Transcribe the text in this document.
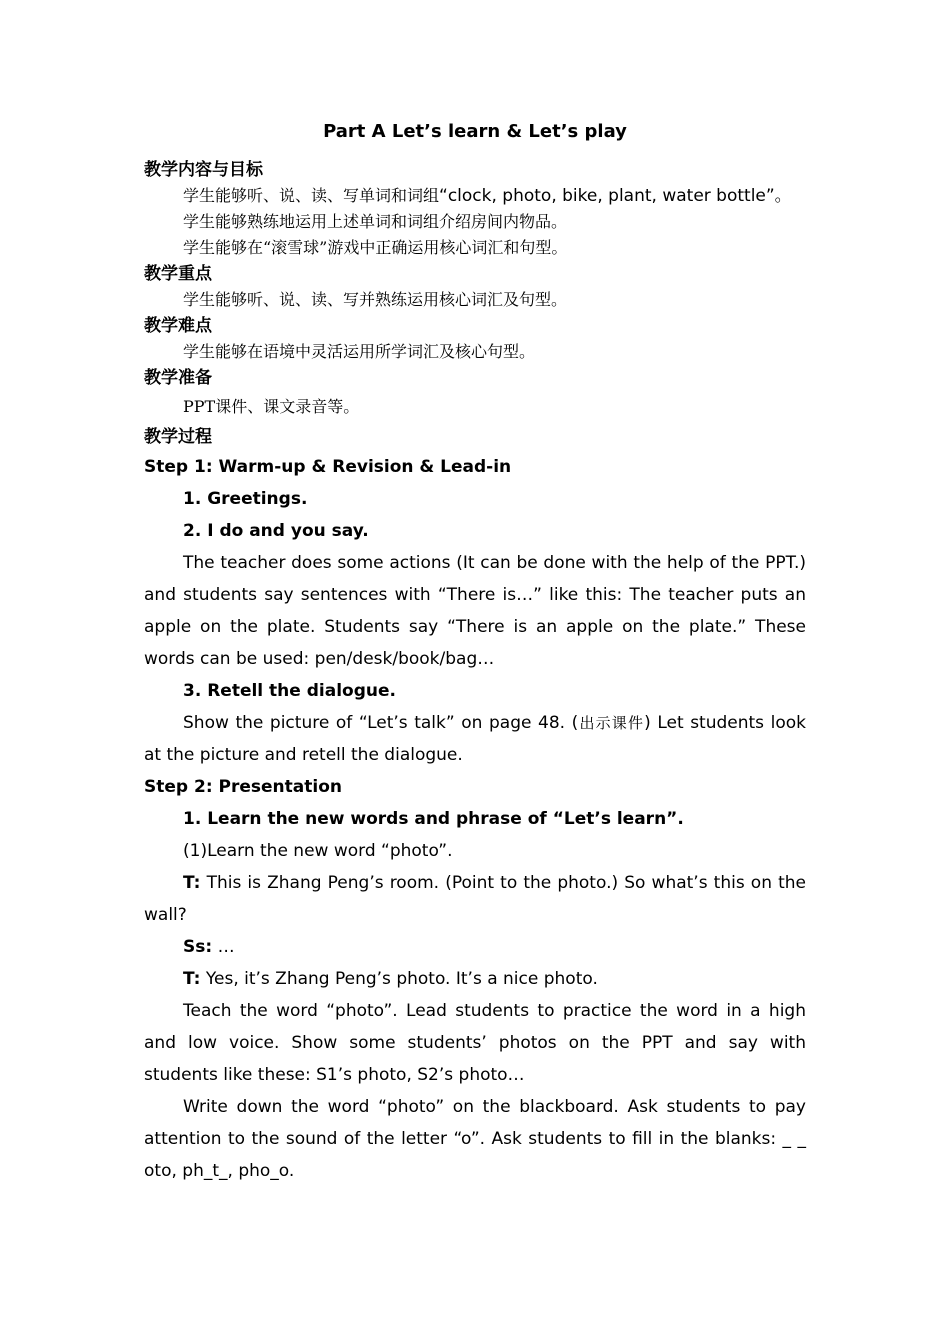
Part A Let’s learn & Let’s play
教学内容与目标
学生能够听、说、读、写单词和词组“clock, photo, bike, plant, water bottle”。
学生能够熟练地运用上述单词和词组介绍房间内物品。
学生能够在“滚雪球”游戏中正确运用核心词汇和句型。
教学重点
学生能够听、说、读、写并熟练运用核心词汇及句型。
教学难点
学生能够在语境中灵活运用所学词汇及核心句型。
教学准备
PPT课件、课文录音等。
教学过程
Step 1: Warm-up & Revision & Lead-in
1. Greetings.
2. I do and you say.
The teacher does some actions (It can be done with the help of the PPT.) and students say sentences with “There is…” like this: The teacher puts an apple on the plate. Students say “There is an apple on the plate.” These words can be used: pen/desk/book/bag…
3. Retell the dialogue.
Show the picture of “Let’s talk” on page 48. (出示课件) Let students look at the picture and retell the dialogue.
Step 2: Presentation
1. Learn the new words and phrase of “Let’s learn”.
(1)Learn the new word “photo”.
T: This is Zhang Peng’s room. (Point to the photo.) So what’s this on the wall?
Ss: …
T: Yes, it’s Zhang Peng’s photo. It’s a nice photo.
Teach the word “photo”. Lead students to practice the word in a high and low voice. Show some students’ photos on the PPT and say with students like these: S1’s photo, S2’s photo…
Write down the word “photo” on the blackboard. Ask students to pay attention to the sound of the letter “o”. Ask students to fill in the blanks: _ _ oto, ph_t_, pho_o.
